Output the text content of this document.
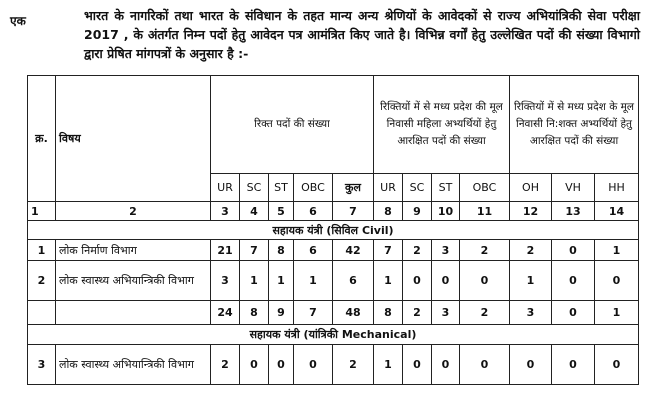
एक	भारत के नागरिकों तथा भारत के संविधान के तहत मान्य अन्य श्रेणियों के आवेदकों से राज्य अभियांत्रिकी सेवा परीक्षा 2017 , के अंतर्गत निम्न पदों हेतु आवेदन पत्र आमंत्रित किए जाते है। विभिन्न वर्गों हेतु उल्लेखित पदों की संख्या विभागो द्वारा प्रेषित मांगपत्रों के अनुसार है :-
क्र.	विषय	रिक्त पदों की संख्या					रिक्तियों में से मध्य प्रदेश की मूल निवासी महिला अभ्यर्थियों हेतु आरक्षित पदों की संख्या				रिक्तियों में से मध्य प्रदेश के मूल निवासी नि:शक्त अभ्यर्थियों हेतु आरक्षित पदों की संख्या		
		UR	SC	ST	OBC	कुल	UR	SC	ST	OBC	OH	VH	HH
1	2	3	4	5	6	7	8	9	10	11	12	13	14
सहायक यंत्री (सिविल Civil)													
1	लोक निर्माण विभाग	21	7	8	6	42	7	2	3	2	2	0	1
2	लोक स्वास्थ्य अभियान्त्रिकी विभाग	3	1	1	1	6	1	0	0	0	1	0	0
		24	8	9	7	48	8	2	3	2	3	0	1
सहायक यंत्री (यांत्रिकी Mechanical)													
3	लोक स्वास्थ्य अभियान्त्रिकी विभाग	2	0	0	0	2	1	0	0	0	0	0	0
